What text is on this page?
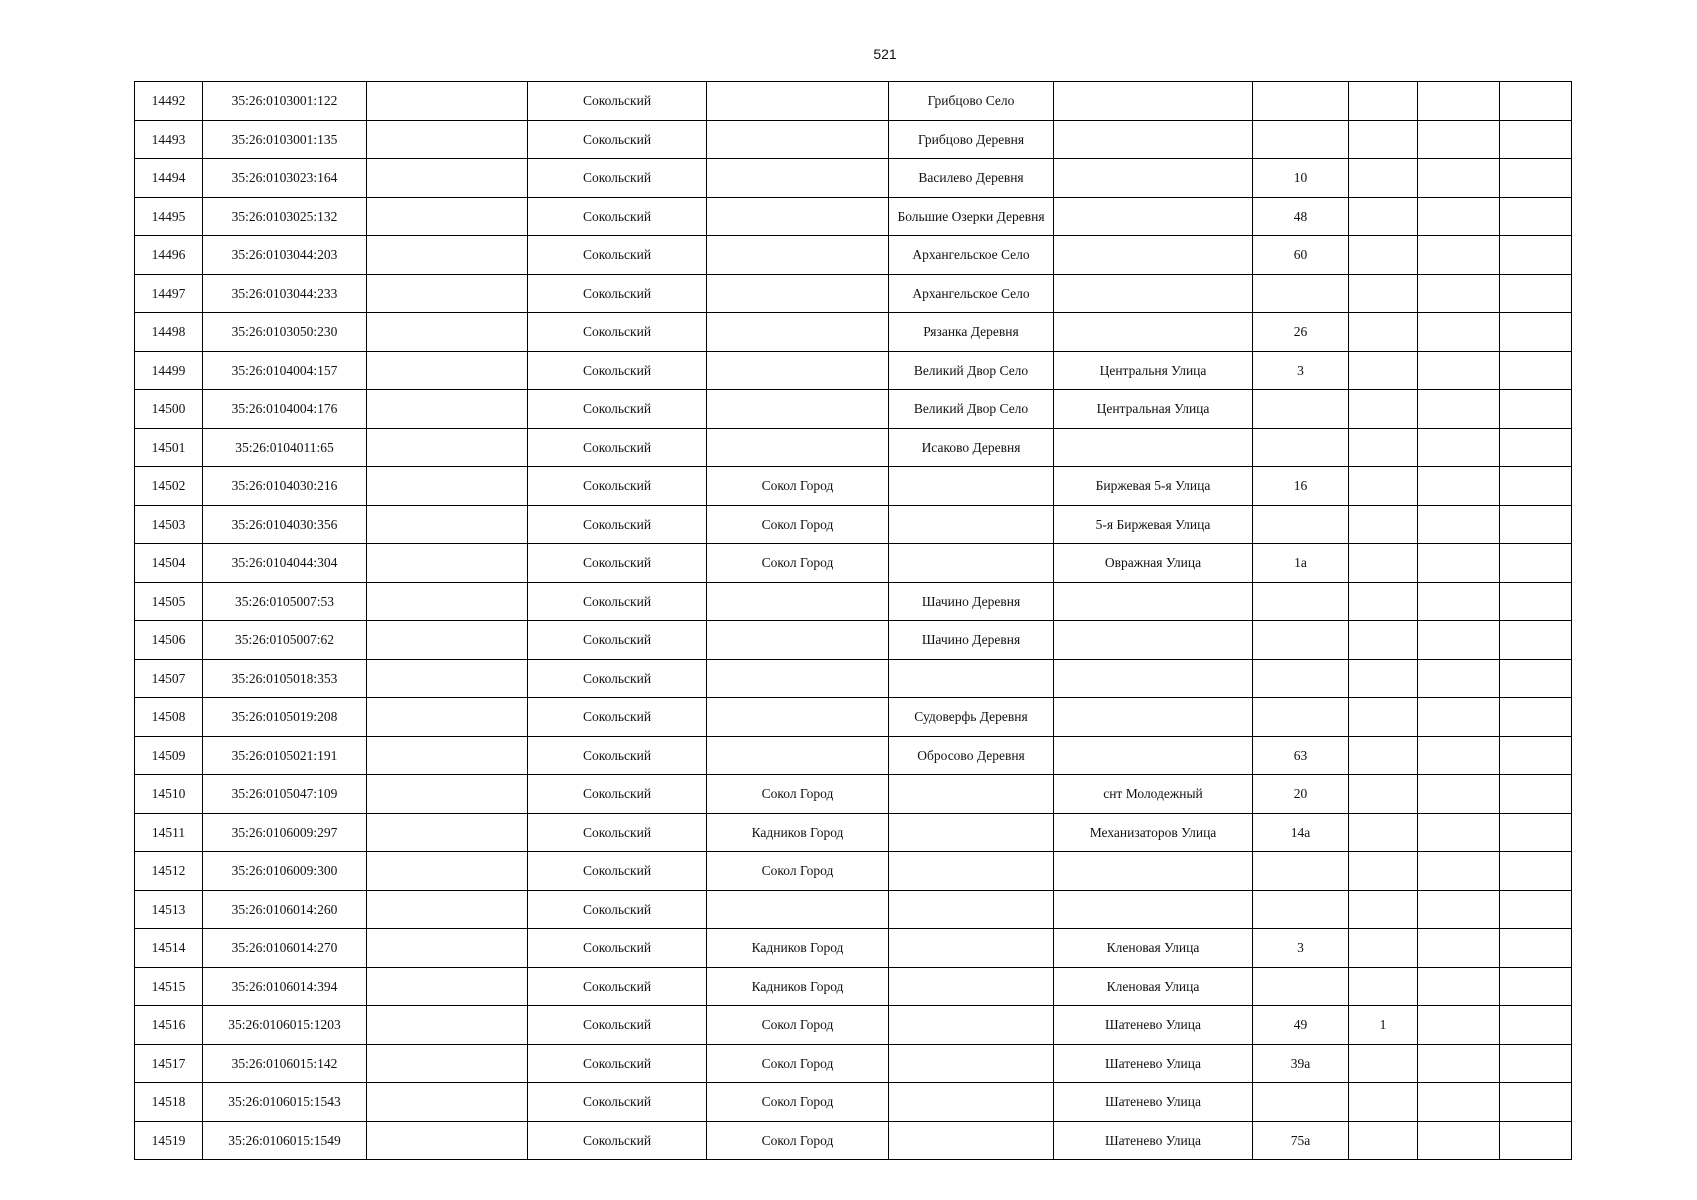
521
14492	35:26:0103001:122		Сокольский		Грибцово Село					
14493	35:26:0103001:135		Сокольский		Грибцово Деревня					
14494	35:26:0103023:164		Сокольский		Василево Деревня		10			
14495	35:26:0103025:132		Сокольский		Большие Озерки Деревня		48			
14496	35:26:0103044:203		Сокольский		Архангельское Село		60			
14497	35:26:0103044:233		Сокольский		Архангельское Село					
14498	35:26:0103050:230		Сокольский		Рязанка Деревня		26			
14499	35:26:0104004:157		Сокольский		Великий Двор Село	Центральня Улица	3			
14500	35:26:0104004:176		Сокольский		Великий Двор Село	Центральная Улица				
14501	35:26:0104011:65		Сокольский		Исаково Деревня					
14502	35:26:0104030:216		Сокольский	Сокол Город		Биржевая 5-я Улица	16			
14503	35:26:0104030:356		Сокольский	Сокол Город		5-я Биржевая Улица				
14504	35:26:0104044:304		Сокольский	Сокол Город		Овражная Улица	1а			
14505	35:26:0105007:53		Сокольский		Шачино Деревня					
14506	35:26:0105007:62		Сокольский		Шачино Деревня					
14507	35:26:0105018:353		Сокольский							
14508	35:26:0105019:208		Сокольский		Судоверфь Деревня					
14509	35:26:0105021:191		Сокольский		Обросово Деревня		63			
14510	35:26:0105047:109		Сокольский	Сокол Город		снт Молодежный	20			
14511	35:26:0106009:297		Сокольский	Кадников Город		Механизаторов Улица	14а			
14512	35:26:0106009:300		Сокольский	Сокол Город						
14513	35:26:0106014:260		Сокольский							
14514	35:26:0106014:270		Сокольский	Кадников Город		Кленовая Улица	3			
14515	35:26:0106014:394		Сокольский	Кадников Город		Кленовая Улица				
14516	35:26:0106015:1203		Сокольский	Сокол Город		Шатенево Улица	49	1		
14517	35:26:0106015:142		Сокольский	Сокол Город		Шатенево Улица	39а			
14518	35:26:0106015:1543		Сокольский	Сокол Город		Шатенево Улица				
14519	35:26:0106015:1549		Сокольский	Сокол Город		Шатенево Улица	75а			
